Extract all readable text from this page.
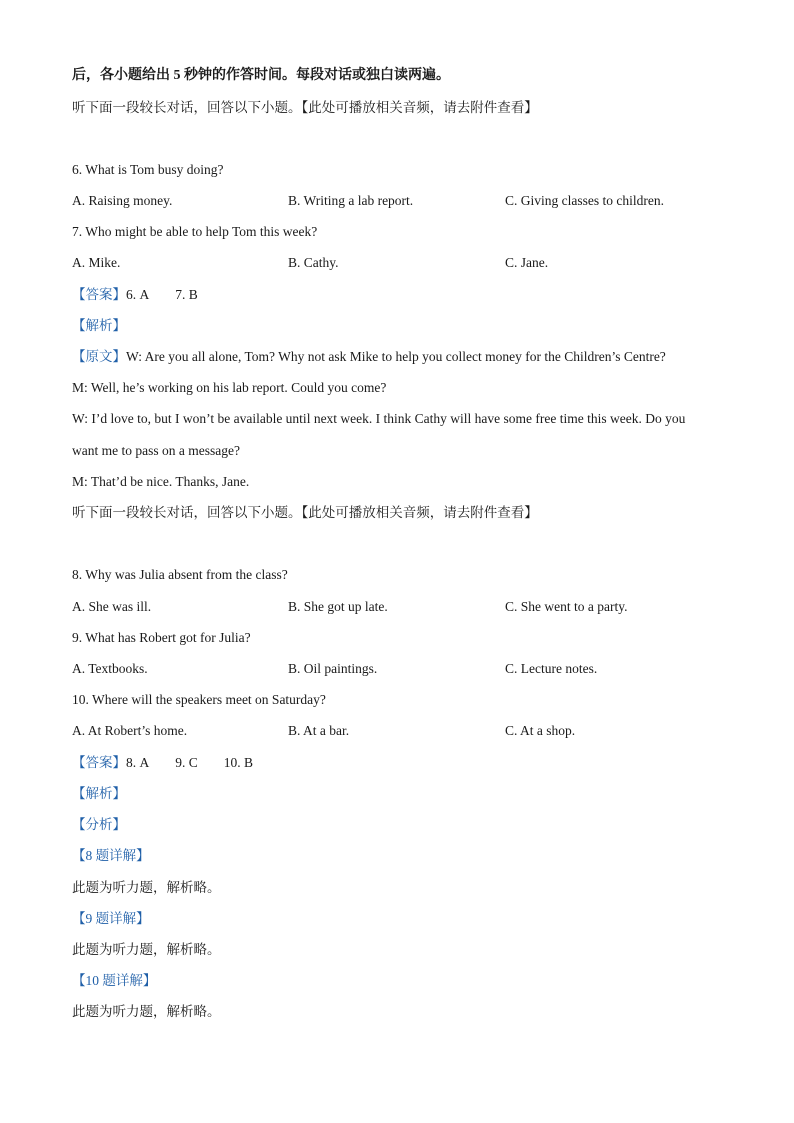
后，各小题给出 5 秒钟的作答时间。每段对话或独白读两遍。
听下面一段较长对话，回答以下小题。【此处可播放相关音频，请去附件查看】
6. What is Tom busy doing?
A. Raising money.	B. Writing a lab report.	C. Giving classes to children.
7. Who might be able to help Tom this week?
A. Mike.	B. Cathy.	C. Jane.
【答案】6. A 7. B
【解析】
【原文】W: Are you all alone, Tom? Why not ask Mike to help you collect money for the Children’s Centre?
M: Well, he’s working on his lab report. Could you come?
W: I’d love to, but I won’t be available until next week. I think Cathy will have some free time this week. Do you
want me to pass on a message?
M: That’d be nice. Thanks, Jane.
听下面一段较长对话，回答以下小题。【此处可播放相关音频，请去附件查看】
8. Why was Julia absent from the class?
A. She was ill.	B. She got up late.	C. She went to a party.
9. What has Robert got for Julia?
A. Textbooks.	B. Oil paintings.	C. Lecture notes.
10. Where will the speakers meet on Saturday?
A. At Robert’s home.	B. At a bar.	C. At a shop.
【答案】8. A 9. C 10. B
【解析】
【分析】
【8 题详解】
此题为听力题，解析略。
【9 题详解】
此题为听力题，解析略。
【10 题详解】
此题为听力题，解析略。
